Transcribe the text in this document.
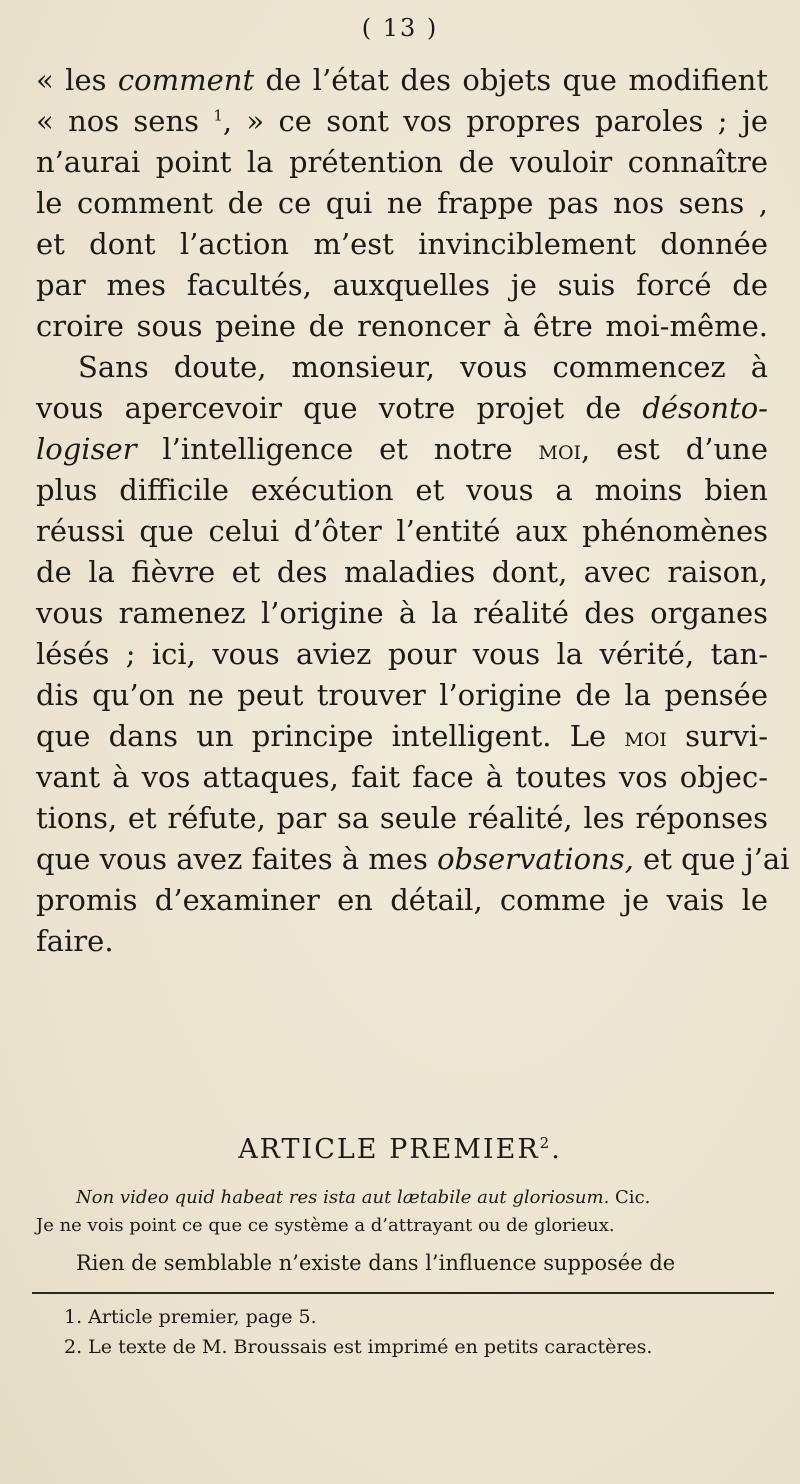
( 13 )
« les comment de l’état des objets que modifient
« nos sens $^1$, » ce sont vos propres paroles ; je
n’aurai point la prétention de vouloir connaître
le comment de ce qui ne frappe pas nos sens ,
et dont l’action m’est invinciblement donnée
par mes facultés, auxquelles je suis forcé de
croire sous peine de renoncer à être moi-même.
Sans doute, monsieur, vous commencez à
vous apercevoir que votre projet de désonto-
logiser l’intelligence et notre moi, est d’une
plus difficile exécution et vous a moins bien
réussi que celui d’ôter l’entité aux phénomènes
de la fièvre et des maladies dont, avec raison,
vous ramenez l’origine à la réalité des organes
lésés ; ici, vous aviez pour vous la vérité, tan-
dis qu’on ne peut trouver l’origine de la pensée
que dans un principe intelligent. Le moi survi-
vant à vos attaques, fait face à toutes vos objec-
tions, et réfute, par sa seule réalité, les réponses
que vous avez faites à mes observations, et que j’ai
promis d’examiner en détail, comme je vais le
faire.
ARTICLE PREMIER$^2$.
Non video quid habeat res ista aut lætabile aut gloriosum. Cic.
Je ne vois point ce que ce système a d’attrayant ou de glorieux.
Rien de semblable n’existe dans l’influence supposée de
1. Article premier, page 5.
2. Le texte de M. Broussais est imprimé en petits caractères.
